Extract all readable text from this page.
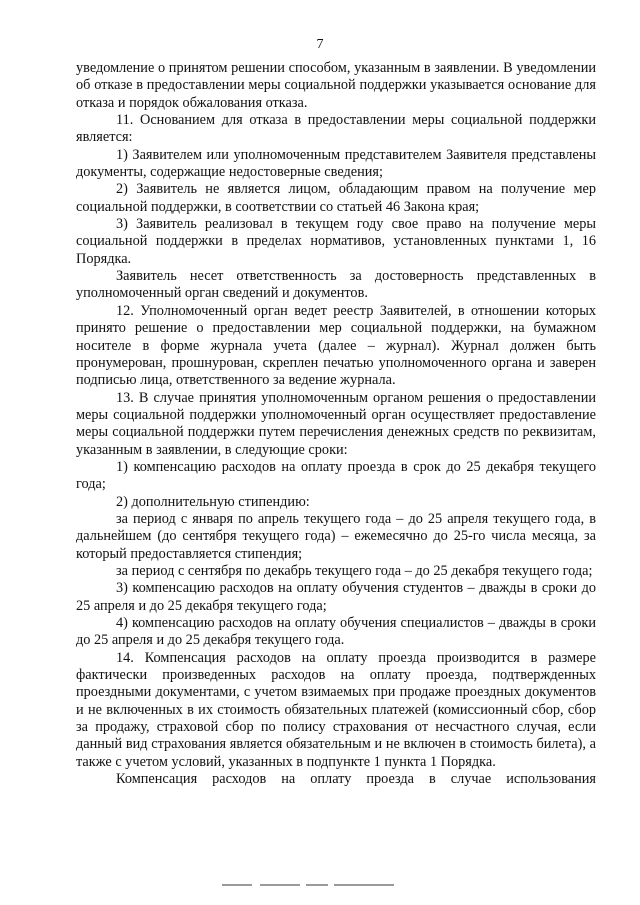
7

уведомление о принятом решении способом, указанным в заявлении. В уведомлении об отказе в предоставлении меры социальной поддержки указывается основание для отказа и порядок обжалования отказа.

11. Основанием для отказа в предоставлении меры социальной поддержки является:

1) Заявителем или уполномоченным представителем Заявителя представлены документы, содержащие недостоверные сведения;

2) Заявитель не является лицом, обладающим правом на получение мер социальной поддержки, в соответствии со статьей 46 Закона края;

3) Заявитель реализовал в текущем году свое право на получение меры социальной поддержки в пределах нормативов, установленных пунктами 1, 16 Порядка.

Заявитель несет ответственность за достоверность представленных в уполномоченный орган сведений и документов.

12. Уполномоченный орган ведет реестр Заявителей, в отношении которых принято решение о предоставлении мер социальной поддержки, на бумажном носителе в форме журнала учета (далее – журнал). Журнал должен быть пронумерован, прошнурован, скреплен печатью уполномоченного органа и заверен подписью лица, ответственного за ведение журнала.

13. В случае принятия уполномоченным органом решения о предоставлении меры социальной поддержки уполномоченный орган осуществляет предоставление меры социальной поддержки путем перечисления денежных средств по реквизитам, указанным в заявлении, в следующие сроки:

1) компенсацию расходов на оплату проезда в срок до 25 декабря текущего года;

2) дополнительную стипендию:

за период с января по апрель текущего года – до 25 апреля текущего года, в дальнейшем (до сентября текущего года) – ежемесячно до 25-го числа месяца, за который предоставляется стипендия;

за период с сентября по декабрь текущего года – до 25 декабря текущего года;

3) компенсацию расходов на оплату обучения студентов – дважды в сроки до 25 апреля и до 25 декабря текущего года;

4) компенсацию расходов на оплату обучения специалистов – дважды в сроки до 25 апреля и до 25 декабря текущего года.

14. Компенсация расходов на оплату проезда производится в размере фактически произведенных расходов на оплату проезда, подтвержденных проездными документами, с учетом взимаемых при продаже проездных документов и не включенных в их стоимость обязательных платежей (комиссионный сбор, сбор за продажу, страховой сбор по полису страхования от несчастного случая, если данный вид страхования является обязательным и не включен в стоимость билета), а также с учетом условий, указанных в подпункте 1 пункта 1 Порядка.

Компенсация расходов на оплату проезда в случае использования
